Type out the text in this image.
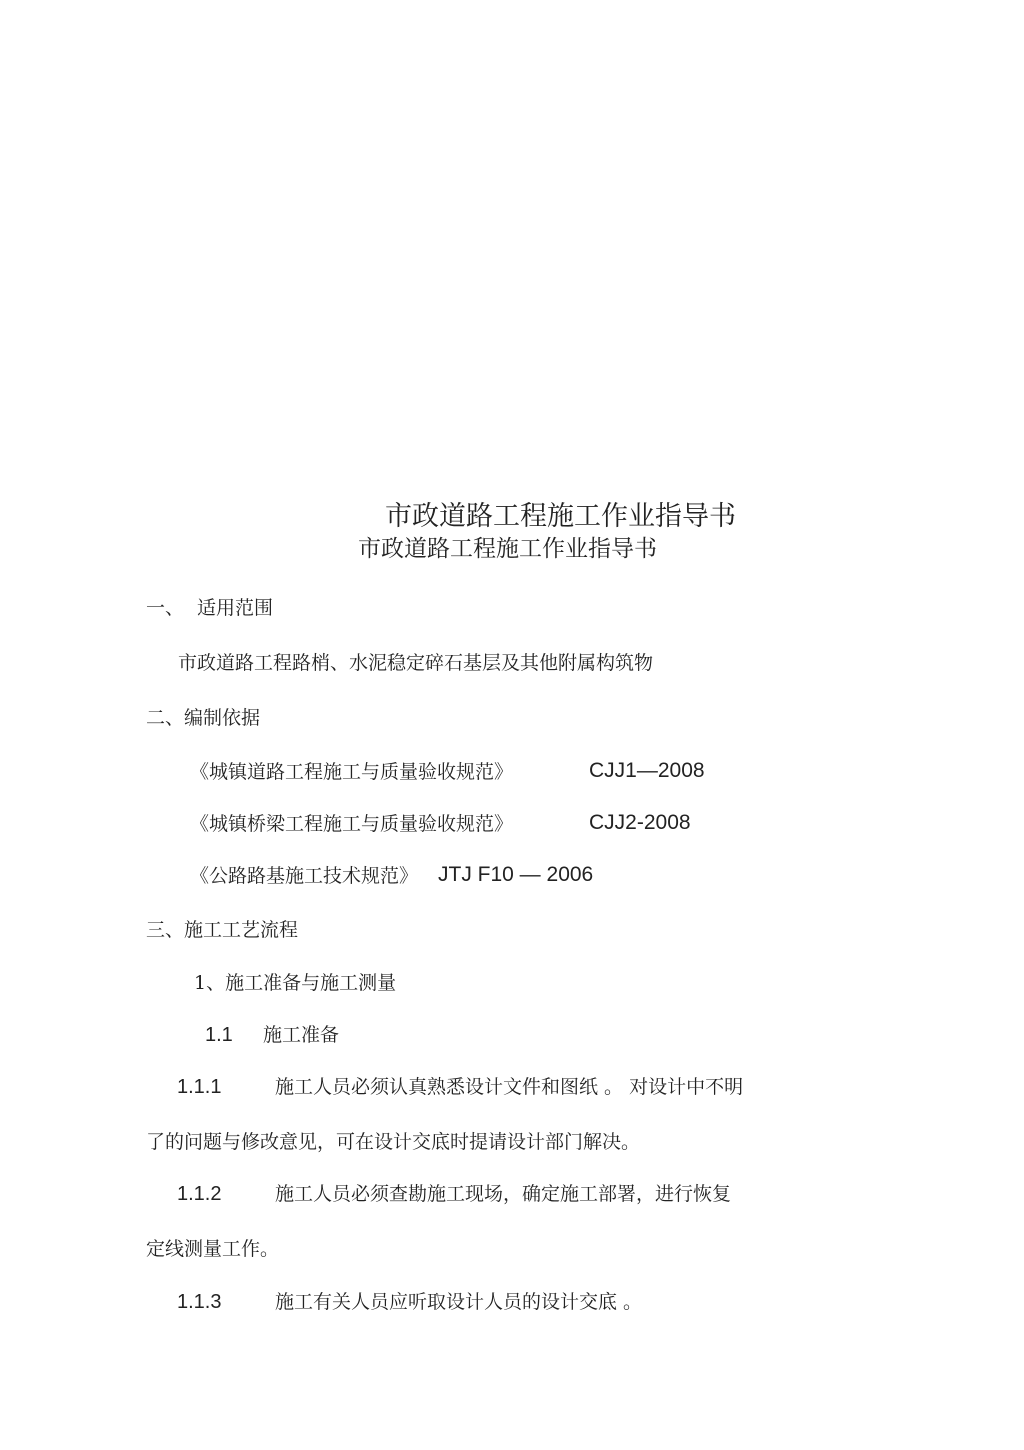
市政道路工程施工作业指导书
市政道路工程施工作业指导书
一、 适用范围
市政道路工程路梢、水泥稳定碎石基层及其他附属构筑物
二、编制依据
《城镇道路工程施工与质量验收规范》	CJJ1—2008
《城镇桥梁工程施工与质量验收规范》	CJJ2-2008
《公路路基施工技术规范》 JTJ F10 — 2006
三、施工工艺流程
1、施工准备与施工测量
1.1 施工准备
1.1.1	施工人员必须认真熟悉设计文件和图纸 。 对设计中不明
了的问题与修改意见，可在设计交底时提请设计部门解决。
1.1.2	施工人员必须查勘施工现场，确定施工部署，进行恢复
定线测量工作。
1.1.3	施工有关人员应听取设计人员的设计交底 。
